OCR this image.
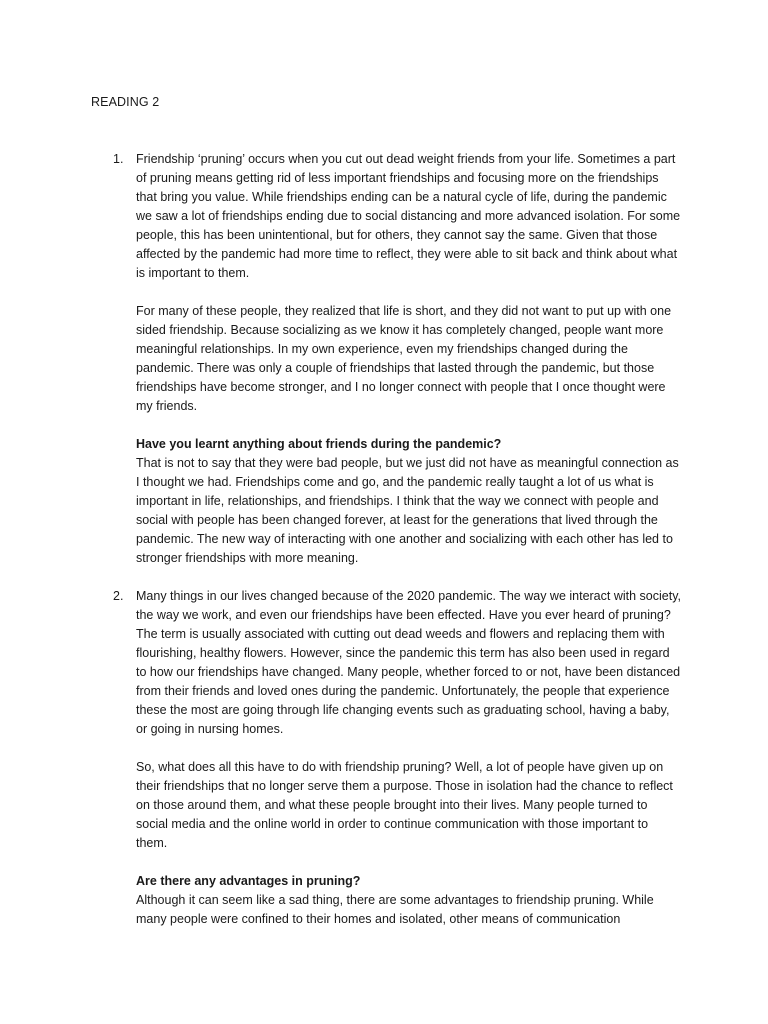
READING 2
1. Friendship ‘pruning’ occurs when you cut out dead weight friends from your life. Sometimes a part of pruning means getting rid of less important friendships and focusing more on the friendships that bring you value. While friendships ending can be a natural cycle of life, during the pandemic we saw a lot of friendships ending due to social distancing and more advanced isolation. For some people, this has been unintentional, but for others, they cannot say the same. Given that those affected by the pandemic had more time to reflect, they were able to sit back and think about what is important to them.

For many of these people, they realized that life is short, and they did not want to put up with one sided friendship. Because socializing as we know it has completely changed, people want more meaningful relationships. In my own experience, even my friendships changed during the pandemic. There was only a couple of friendships that lasted through the pandemic, but those friendships have become stronger, and I no longer connect with people that I once thought were my friends.

Have you learnt anything about friends during the pandemic?

That is not to say that they were bad people, but we just did not have as meaningful connection as I thought we had. Friendships come and go, and the pandemic really taught a lot of us what is important in life, relationships, and friendships. I think that the way we connect with people and social with people has been changed forever, at least for the generations that lived through the pandemic. The new way of interacting with one another and socializing with each other has led to stronger friendships with more meaning.

2. Many things in our lives changed because of the 2020 pandemic. The way we interact with society, the way we work, and even our friendships have been effected. Have you ever heard of pruning? The term is usually associated with cutting out dead weeds and flowers and replacing them with flourishing, healthy flowers. However, since the pandemic this term has also been used in regard to how our friendships have changed. Many people, whether forced to or not, have been distanced from their friends and loved ones during the pandemic. Unfortunately, the people that experience these the most are going through life changing events such as graduating school, having a baby, or going in nursing homes.

So, what does all this have to do with friendship pruning? Well, a lot of people have given up on their friendships that no longer serve them a purpose. Those in isolation had the chance to reflect on those around them, and what these people brought into their lives. Many people turned to social media and the online world in order to continue communication with those important to them.

Are there any advantages in pruning?

Although it can seem like a sad thing, there are some advantages to friendship pruning. While many people were confined to their homes and isolated, other means of communication
